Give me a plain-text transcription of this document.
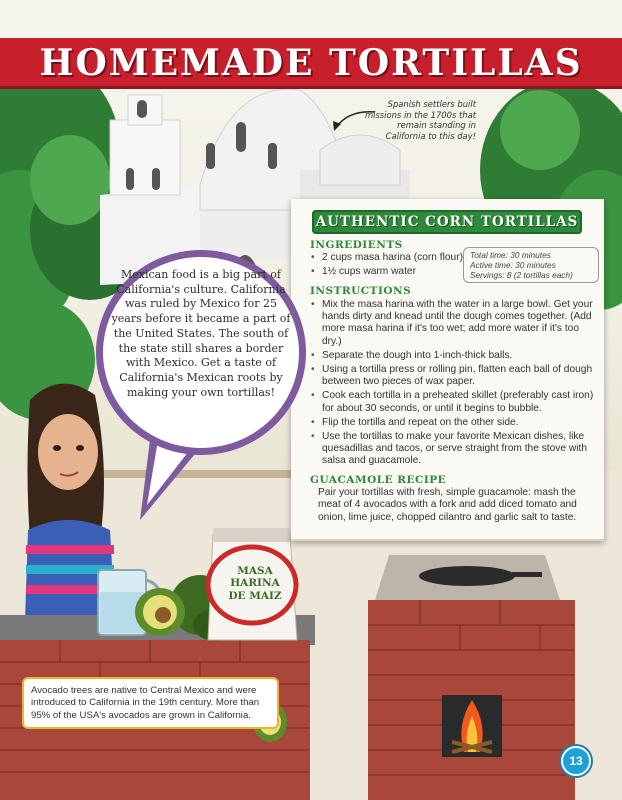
HOMEMADE TORTILLAS
Spanish settlers built missions in the 1700s that remain standing in California to this day!
AUTHENTIC CORN TORTILLAS
INGREDIENTS
• 2 cups masa harina (corn flour)
• 1½ cups warm water
Total time: 30 minutes
Active time: 30 minutes
Servings: 8 (2 tortillas each)
INSTRUCTIONS
• Mix the masa harina with the water in a large bowl. Get your hands dirty and knead until the dough comes together. (Add more masa harina if it's too wet; add more water if it's too dry.)
• Separate the dough into 1-inch-thick balls.
• Using a tortilla press or rolling pin, flatten each ball of dough between two pieces of wax paper.
• Cook each tortilla in a preheated skillet (preferably cast iron) for about 30 seconds, or until it begins to bubble.
• Flip the tortilla and repeat on the other side.
• Use the tortillas to make your favorite Mexican dishes, like quesadillas and tacos, or serve straight from the stove with salsa and guacamole.
GUACAMOLE RECIPE
Pair your tortillas with fresh, simple guacamole: mash the meat of 4 avocados with a fork and add diced tomato and onion, lime juice, chopped cilantro and garlic salt to taste.
Mexican food is a big part of California's culture. California was ruled by Mexico for 25 years before it became a part of the United States. The south of the state still shares a border with Mexico. Get a taste of California's Mexican roots by making your own tortillas!
MASA
HARINA
DE MAIZ
Avocado trees are native to Central Mexico and were introduced to California in the 19th century. More than 95% of the USA's avocados are grown in California.
13
